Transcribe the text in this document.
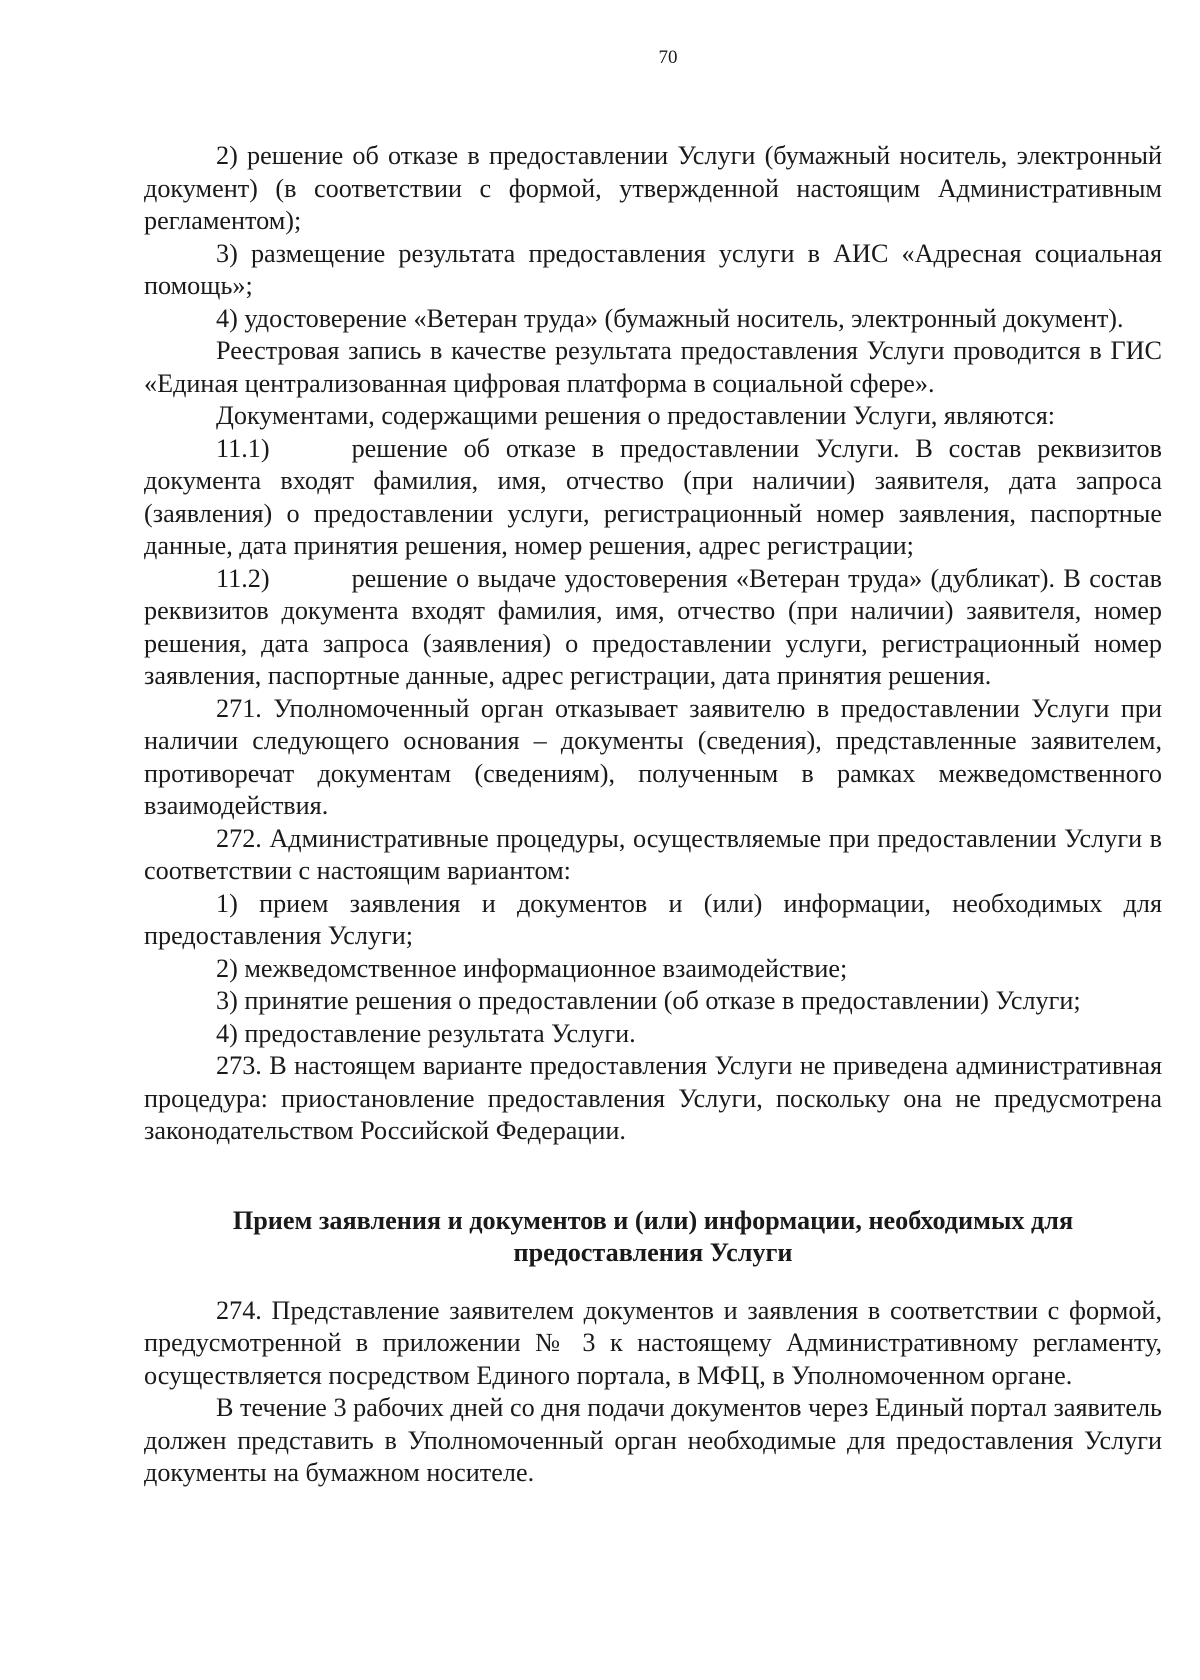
70

2) решение об отказе в предоставлении Услуги (бумажный носитель, электронный документ) (в соответствии с формой, утвержденной настоящим Административным регламентом);

3) размещение результата предоставления услуги в АИС «Адресная социальная помощь»;

4) удостоверение «Ветеран труда» (бумажный носитель, электронный документ).

Реестровая запись в качестве результата предоставления Услуги проводится в ГИС «Единая централизованная цифровая платформа в социальной сфере».

Документами, содержащими решения о предоставлении Услуги, являются:

11.1)	решение об отказе в предоставлении Услуги. В состав реквизитов документа входят фамилия, имя, отчество (при наличии) заявителя, дата запроса (заявления) о предоставлении услуги, регистрационный номер заявления, паспортные данные, дата принятия решения, номер решения, адрес регистрации;

11.2)	решение о выдаче удостоверения «Ветеран труда» (дубликат). В состав реквизитов документа входят фамилия, имя, отчество (при наличии) заявителя, номер решения, дата запроса (заявления) о предоставлении услуги, регистрационный номер заявления, паспортные данные, адрес регистрации, дата принятия решения.

271. Уполномоченный орган отказывает заявителю в предоставлении Услуги при наличии следующего основания – документы (сведения), представленные заявителем, противоречат документам (сведениям), полученным в рамках межведомственного взаимодействия.

272. Административные процедуры, осуществляемые при предоставлении Услуги в соответствии с настоящим вариантом:

1) прием заявления и документов и (или) информации, необходимых для предоставления Услуги;

2) межведомственное информационное взаимодействие;

3) принятие решения о предоставлении (об отказе в предоставлении) Услуги;

4) предоставление результата Услуги.

273. В настоящем варианте предоставления Услуги не приведена административная процедура: приостановление предоставления Услуги, поскольку она не предусмотрена законодательством Российской Федерации.

Прием заявления и документов и (или) информации, необходимых для предоставления Услуги

274. Представление заявителем документов и заявления в соответствии с формой, предусмотренной в приложении № 3 к настоящему Административному регламенту, осуществляется посредством Единого портала, в МФЦ, в Уполномоченном органе.

В течение 3 рабочих дней со дня подачи документов через Единый портал заявитель должен представить в Уполномоченный орган необходимые для предоставления Услуги документы на бумажном носителе.
